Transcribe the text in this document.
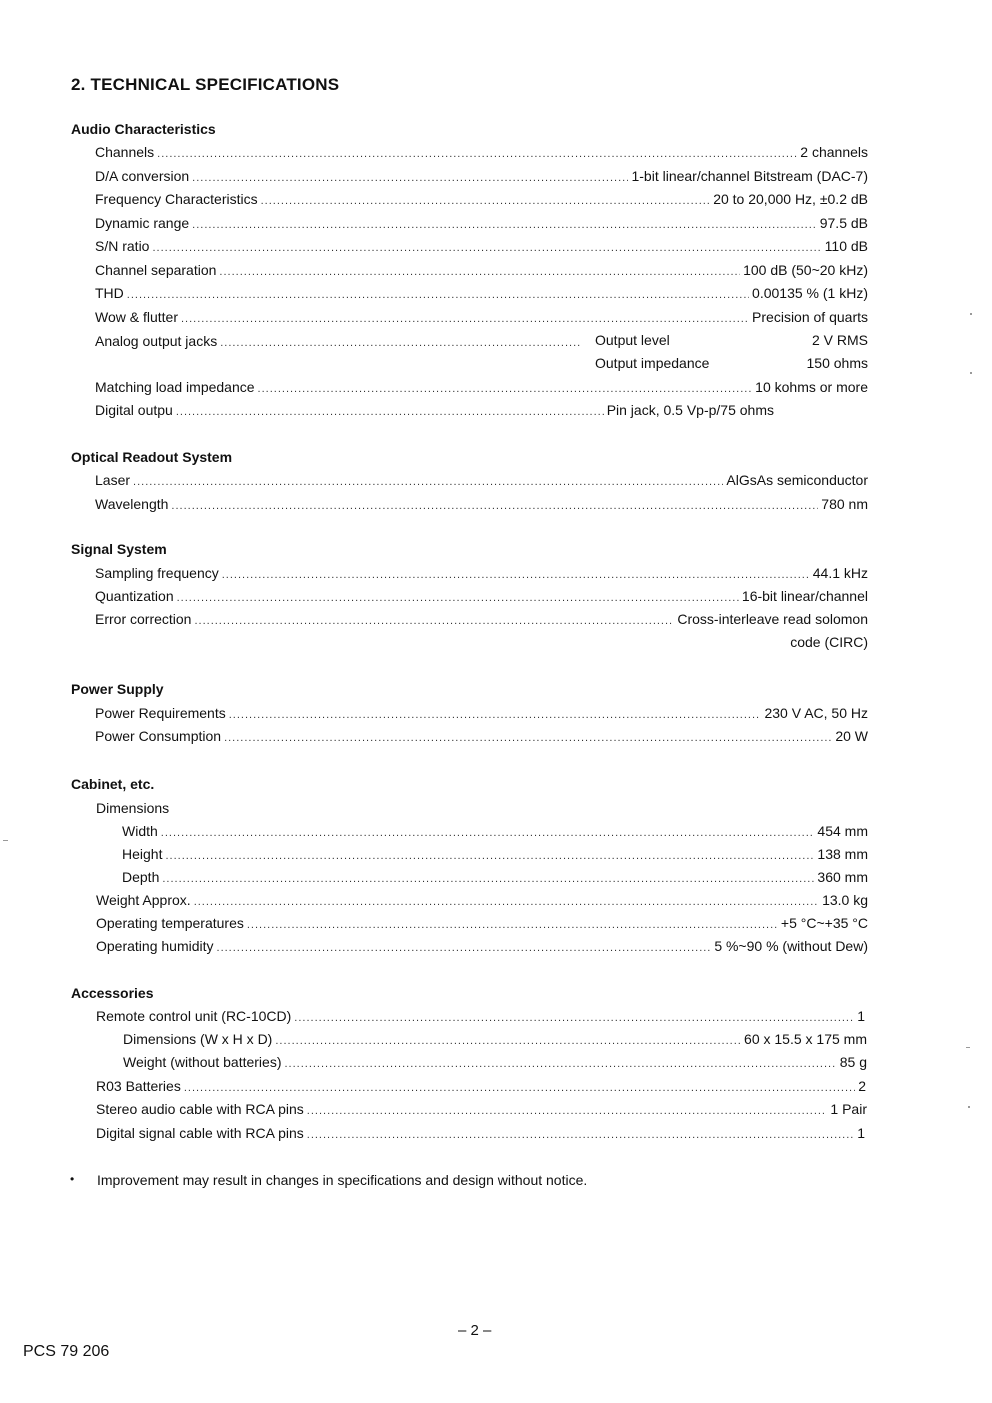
2. TECHNICAL SPECIFICATIONS
Audio Characteristics
Channels .....	2 channels
D/A conversion .....	1-bit linear/channel Bitstream (DAC-7)
Frequency Characteristics .....	20 to 20,000 Hz, ±0.2 dB
Dynamic range .....	97.5 dB
S/N ratio .....	110 dB
Channel separation .....	100 dB (50~20 kHz)
THD .....	0.00135 % (1 kHz)
Wow & flutter .....	Precision of quarts
Analog output jacks .....	Output level	2 V RMS
Output impedance	150 ohms
Matching load impedance .....	10 kohms or more
Digital outpu .....	Pin jack, 0.5 Vp-p/75 ohms
Optical Readout System
Laser .....	AlGsAs semiconductor
Wavelength .....	780 nm
Signal System
Sampling frequency .....	44.1 kHz
Quantization .....	16-bit linear/channel
Error correction .....	Cross-interleave read solomon
code (CIRC)
Power Supply
Power Requirements .....	230 V AC, 50 Hz
Power Consumption .....	20 W
Cabinet, etc.
Dimensions
Width .....	454 mm
Height .....	138 mm
Depth .....	360 mm
Weight Approx. .....	13.0 kg
Operating temperatures .....	+5 °C~+35 °C
Operating humidity .....	5 %~90 % (without Dew)
Accessories
Remote control unit (RC-10CD) .....	1
Dimensions (W x H x D) .....	60 x 15.5 x 175 mm
Weight (without batteries) .....	85 g
R03 Batteries .....	2
Stereo audio cable with RCA pins .....	1 Pair
Digital signal cable with RCA pins .....	1
• Improvement may result in changes in specifications and design without notice.
– 2 –
PCS 79 206
